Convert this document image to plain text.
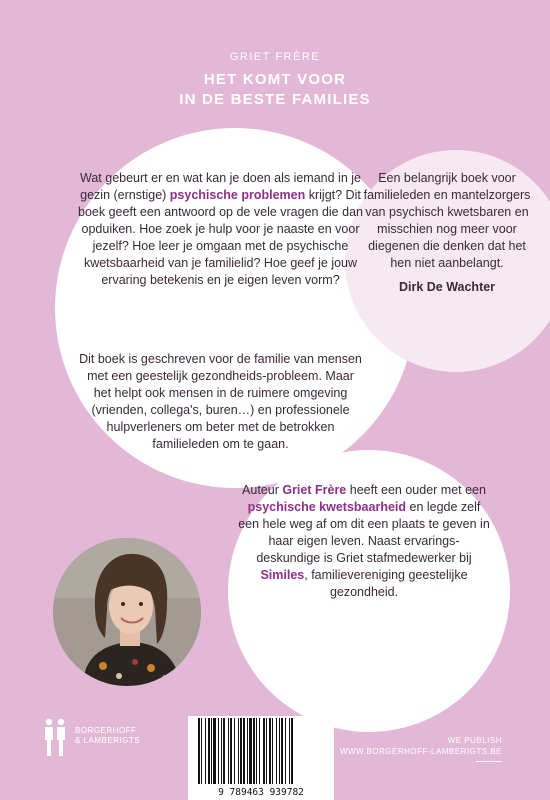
GRIET FRÈRE
HET KOMT VOOR
IN DE BESTE FAMILIES
Wat gebeurt er en wat kan je doen als iemand in je gezin (ernstige) psychische problemen krijgt? Dit boek geeft een antwoord op de vele vragen die dan opduiken. Hoe zoek je hulp voor je naaste en voor jezelf? Hoe leer je omgaan met de psychische kwetsbaarheid van je familielid? Hoe geef je jouw ervaring betekenis en je eigen leven vorm?
Dit boek is geschreven voor de familie van mensen met een geestelijk gezondheids-probleem. Maar het helpt ook mensen in de ruimere omgeving (vrienden, collega's, buren…) en professionele hulpverleners om beter met de betrokken familieleden om te gaan.
Een belangrijk boek voor familieleden en mantelzorgers van psychisch kwetsbaren en misschien nog meer voor diegenen die denken dat het hen niet aanbelangt.
Dirk De Wachter
Auteur Griet Frère heeft een ouder met een psychische kwetsbaarheid en legde zelf een hele weg af om dit een plaats te geven in haar eigen leven. Naast ervarings-deskundige is Griet stafmedewerker bij Similes, familievereniging geestelijke gezondheid.
BORGERHOFF
& LAMBERIGTS
9 789463 939782
WE PUBLISH
WWW.BORGERHOFF-LAMBERIGTS.BE
